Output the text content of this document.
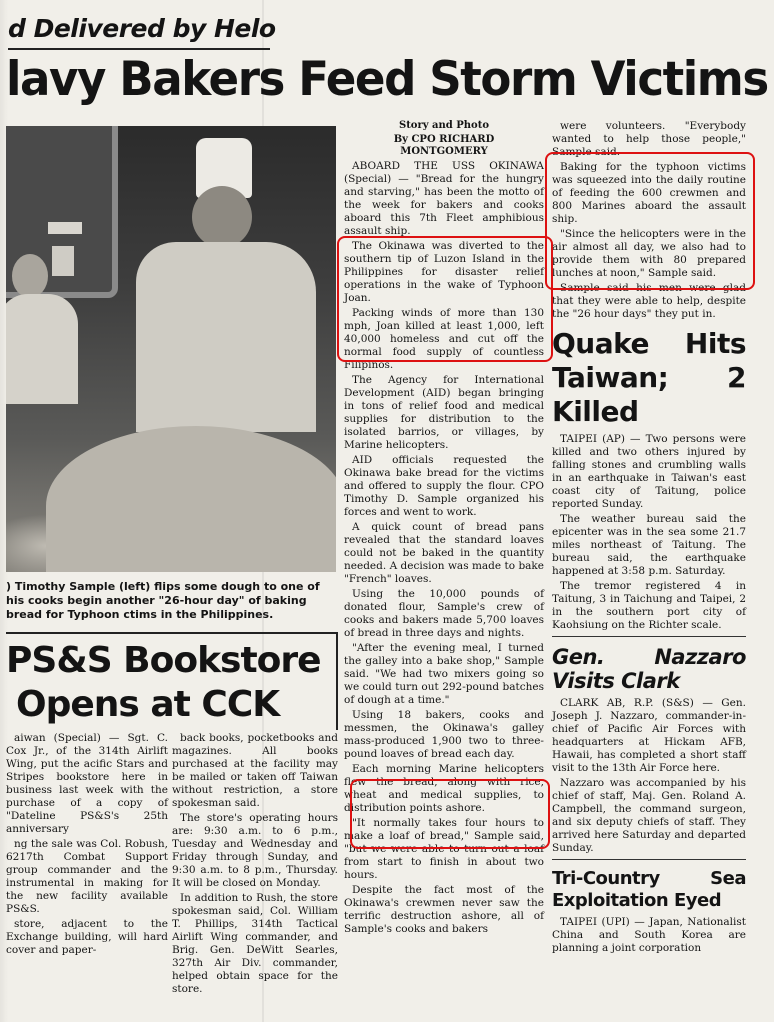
d Delivered by Helo
lavy Bakers Feed Storm Victims
) Timothy Sample (left) flips some dough to one of his cooks begin another "26-hour day" of baking bread for Typhoon ctims in the Philippines.
PS&S Bookstore
Opens at CCK

Story and Photo

By CPO RICHARD

MONTGOMERY

ABOARD THE USS OKINAWA (Special) — "Bread for the hungry and starving," has been the motto of the week for bakers and cooks aboard this 7th Fleet amphibious assault ship.

The Okinawa was diverted to the southern tip of Luzon Island in the Philippines for disaster relief operations in the wake of Typhoon Joan.

Packing winds of more than 130 mph, Joan killed at least 1,000, left 40,000 homeless and cut off the normal food supply of countless Filipinos.

The Agency for International Development (AID) began bringing in tons of relief food and medical supplies for distribution to the isolated barrios, or villages, by Marine helicopters.

AID officials requested the Okinawa bake bread for the victims and offered to supply the flour. CPO Timothy D. Sample organized his forces and went to work.

A quick count of bread pans revealed that the standard loaves could not be baked in the quantity needed. A decision was made to bake "French" loaves.

Using the 10,000 pounds of donated flour, Sample's crew of cooks and bakers made 5,700 loaves of bread in three days and nights.

"After the evening meal, I turned the galley into a bake shop," Sample said. "We had two mixers going so we could turn out 292-pound batches of dough at a time."

Using 18 bakers, cooks and messmen, the Okinawa's galley mass-produced 1,900 two to three-pound loaves of bread each day.

Each morning Marine helicopters flew the bread, along with rice, wheat and medical supplies, to distribution points ashore.

"It normally takes four hours to make a loaf of bread," Sample said, "but we were able to turn out a loaf from start to finish in about two hours.

Despite the fact most of the Okinawa's crewmen never saw the terrific destruction ashore, all of Sample's cooks and bakers

were volunteers. "Everybody wanted to help those people," Sample said.

Baking for the typhoon victims was squeezed into the daily routine of feeding the 600 crewmen and 800 Marines aboard the assault ship.

"Since the helicopters were in the air almost all day, we also had to provide them with 80 prepared lunches at noon," Sample said.

Sample said his men were glad that they were able to help, despite the "26 hour days" they put in.

Quake Hits Taiwan; 2 Killed

TAIPEI (AP) — Two persons were killed and two others injured by falling stones and crumbling walls in an earthquake in Taiwan's east coast city of Taitung, police reported Sunday.

The weather bureau said the epicenter was in the sea some 21.7 miles northeast of Taitung. The bureau said, the earthquake happened at 3:58 p.m. Saturday.

The tremor registered 4 in Taitung, 3 in Taichung and Taipei, 2 in the southern port city of Kaohsiung on the Richter scale.

Gen. Nazzaro Visits Clark

CLARK AB, R.P. (S&S) — Gen. Joseph J. Nazzaro, commander-in-chief of Pacific Air Forces with headquarters at Hickam AFB, Hawaii, has completed a short staff visit to the 13th Air Force here.

Nazzaro was accompanied by his chief of staff, Maj. Gen. Roland A. Campbell, the command surgeon, and six deputy chiefs of staff. They arrived here Saturday and departed Sunday.

Tri-Country Sea Exploitation Eyed

TAIPEI (UPI) — Japan, Nationalist China and South Korea are planning a joint corporation

aiwan (Special) — Sgt. C. Cox Jr., of the 314th Airlift Wing, put the acific Stars and Stripes bookstore here in business last week with the purchase of a copy of "Dateline PS&S's 25th anniversary

ng the sale was Col. Robush, 6217th Combat Support group commander and the instrumental in making for the new facility available PS&S.

store, adjacent to the Exchange building, will hard cover and paper-

back books, pocketbooks and magazines. All books purchased at the facility may be mailed or taken off Taiwan without restriction, a store spokesman said.

The store's operating hours are: 9:30 a.m. to 6 p.m., Tuesday and Wednesday and Friday through Sunday, and 9:30 a.m. to 8 p.m., Thursday. It will be closed on Monday.

In addition to Rush, the store spokesman said, Col. William T. Phillips, 314th Tactical Airlift Wing commander, and Brig. Gen. DeWitt Searles, 327th Air Div. commander, helped obtain space for the store.
